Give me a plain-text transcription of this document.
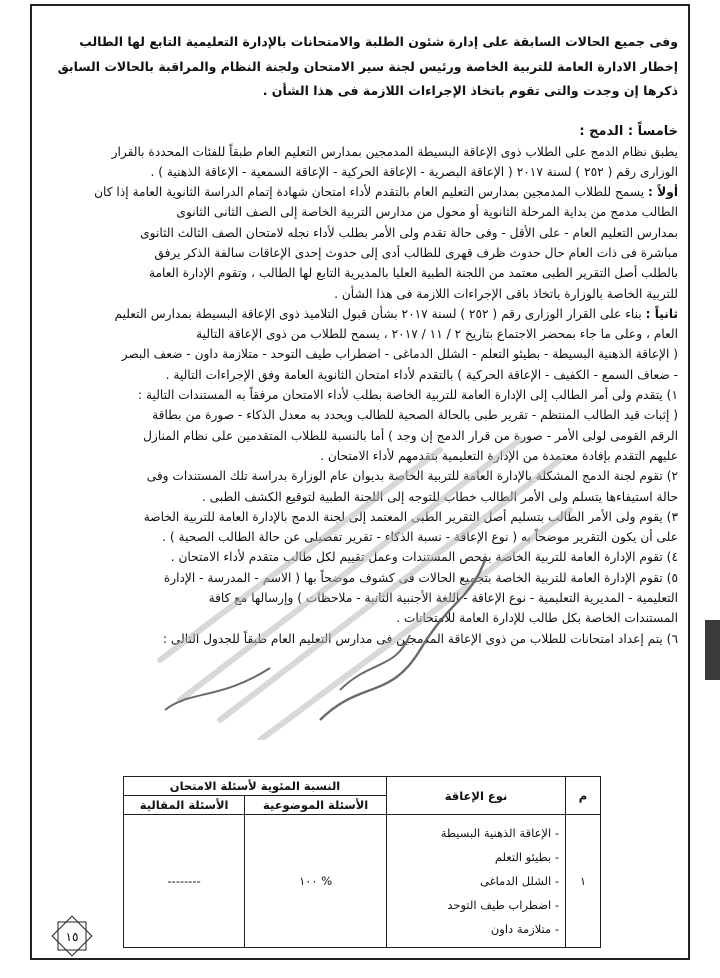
وفى جميع الحالات السابقة على إدارة شئون الطلبة والامتحانات بالإدارة التعليمية التابع لها الطالب
إخطار الادارة العامة للتربية الخاصة ورئيس لجنة سير الامتحان ولجنة النظام والمراقبة بالحالات السابق
ذكرها إن وجدت والتى تقوم باتخاذ الإجراءات اللازمة فى هذا الشأن .
خامساً : الدمج :
يطبق نظام الدمج على الطلاب ذوى الإعاقة البسيطة المدمجين بمدارس التعليم العام طبقاً للفئات المحددة بالقرار
الوزارى رقم ( ٢٥٢ ) لسنة ٢٠١٧ ( الإعاقة البصرية - الإعاقة الحركية - الإعاقة السمعية - الإعاقة الذهنية ) .
أولاً : يسمح للطلاب المدمجين بمدارس التعليم العام بالتقدم لأداء امتحان شهادة إتمام الدراسة الثانوية العامة إذا كان
الطالب مدمج من بداية المرحلة الثانوية أو محول من مدارس التربية الخاصة إلى الصف الثانى الثانوى
بمدارس التعليم العام - على الأقل - وفى حالة تقدم ولى الأمر بطلب لأداء نجله لامتحان الصف الثالث الثانوى
مباشرة فى ذات العام حال حدوث ظرف قهرى للطالب أدى إلى حدوث إحدى الإعاقات سالفة الذكر يرفق
بالطلب أصل التقرير الطبى معتمد من اللجنة الطبية العليا بالمديرية التابع لها الطالب ، وتقوم الإدارة العامة
للتربية الخاصة بالوزارة باتخاذ باقى الإجراءات اللازمة فى هذا الشأن .
ثانياً : بناء على القرار الوزارى رقم ( ٢٥٢ ) لسنة ٢٠١٧ بشأن قبول التلاميذ ذوى الإعاقة البسيطة بمدارس التعليم
العام ، وعلى ما جاء بمحضر الاجتماع بتاريخ ٢ / ١١ / ٢٠١٧ ، يسمح للطلاب من ذوى الإعاقة التالية
( الإعاقة الذهنية البسيطة - بطيئو التعلم - الشلل الدماغى - اضطراب طيف التوحد - متلازمة داون - ضعف البصر
- ضعاف السمع - الكفيف - الإعاقة الحركية ) بالتقدم لأداء امتحان الثانوية العامة وفق الإجراءات التالية .
١) يتقدم ولى أمر الطالب إلى الإدارة العامة للتربية الخاصة بطلب لأداء الامتحان مرفقاً به المستندات التالية :
( إثبات قيد الطالب المنتظم - تقرير طبى بالحالة الصحية للطالب ويحدد به معدل الذكاء - صورة من بطاقة
الرقم القومى لولى الأمر - صورة من قرار الدمج إن وجد ) أما بالنسبة للطلاب المتقدمين على نظام المنازل
عليهم التقدم بإفادة معتمدة من الإدارة التعليمية بتقدمهم لأداء الامتحان .
٢) تقوم لجنة الدمج المشكلة بالإدارة العامة للتربية الخاصة بديوان عام الوزارة بدراسة تلك المستندات وفى
حالة استيفاءها يتسلم ولى الأمر الطالب خطاب للتوجه إلى اللجنة الطبية لتوقيع الكشف الطبى .
٣) يقوم ولى الأمر الطالب بتسليم أصل التقرير الطبى المعتمد إلى لجنة الدمج بالإدارة العامة للتربية الخاصة
على أن يكون التقرير موضحاً به ( نوع الإعاقة - نسبة الذكاء - تقرير تفصيلى عن حالة الطالب الصحية ) .
٤) تقوم الإدارة العامة للتربية الخاصة بفحص المستندات وعمل تقييم لكل طالب متقدم لأداء الامتحان .
٥) تقوم الإدارة العامة للتربية الخاصة بتجميع الحالات فى كشوف موضحاً بها ( الاسم - المدرسة - الإدارة
التعليمية - المديرية التعليمية - نوع الإعاقة - اللغة الأجنبية الثانية - ملاحظات ) وإرسالها مع كافة
المستندات الخاصة بكل طالب للإدارة العامة للامتحانات .
٦) يتم إعداد امتحانات للطلاب من ذوى الإعاقة المدمجين فى مدارس التعليم العام طبقاً للجدول التالى :
م	نوع الإعاقة	النسبة المئوية لأسئلة الامتحان	
		الأسئلة الموضوعية	الأسئلة المقالية
١	- الإعاقة الذهنية البسيطة
- بطيئو التعلم
- الشلل الدماغى
- اضطراب طيف التوحد
- متلازمة داون	١٠٠ %	--------
١٥
